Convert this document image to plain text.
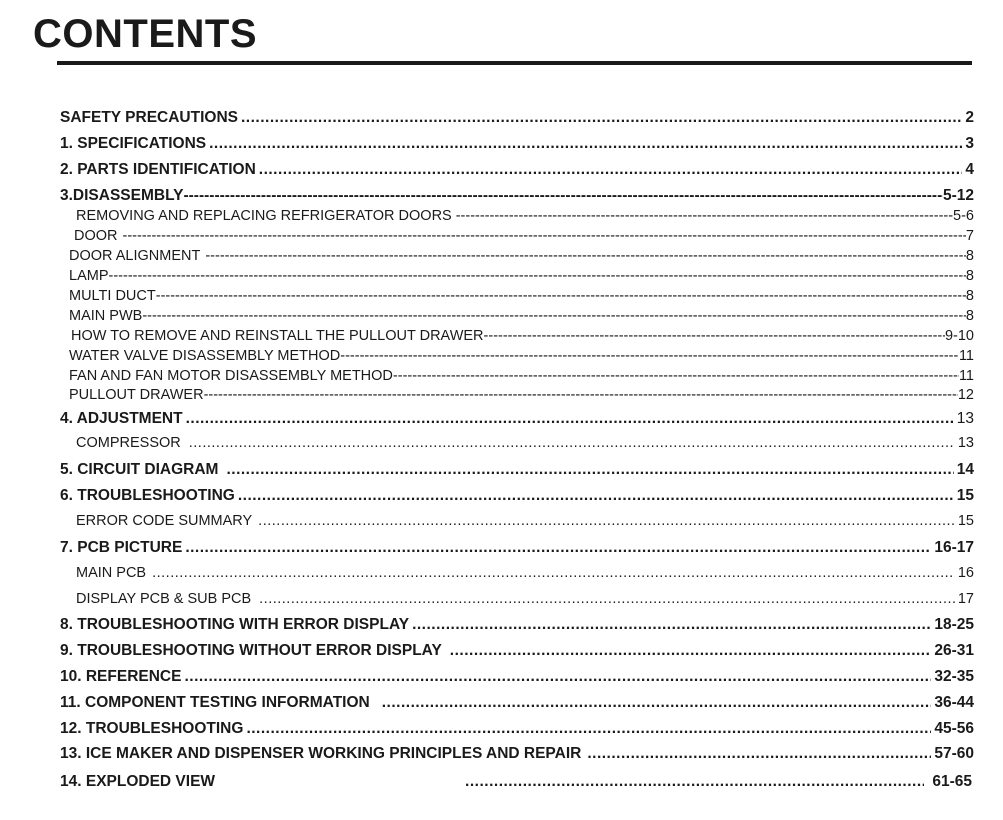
CONTENTS
SAFETY PRECAUTIONS .....	2
1. SPECIFICATIONS .....	3
2. PARTS IDENTIFICATION .....	4
3.DISASSEMBLY -----	5-12
REMOVING AND REPLACING REFRIGERATOR DOORS -----	5-6
DOOR -----	7
DOOR ALIGNMENT -----	8
LAMP -----	8
MULTI DUCT -----	8
MAIN PWB -----	8
HOW TO REMOVE AND REINSTALL THE PULLOUT DRAWER -----	9-10
WATER VALVE DISASSEMBLY METHOD -----	11
FAN AND FAN MOTOR DISASSEMBLY METHOD -----	11
PULLOUT DRAWER -----	12
4. ADJUSTMENT .....	13
COMPRESSOR .....	13
5. CIRCUIT DIAGRAM .....	14
6. TROUBLESHOOTING .....	15
ERROR CODE SUMMARY .....	15
7. PCB PICTURE .....	16-17
MAIN PCB .....	16
DISPLAY PCB & SUB PCB .....	17
8. TROUBLESHOOTING WITH ERROR DISPLAY .....	18-25
9. TROUBLESHOOTING WITHOUT ERROR DISPLAY .....	26-31
10. REFERENCE .....	32-35
11. COMPONENT TESTING INFORMATION .....	36-44
12. TROUBLESHOOTING .....	45-56
13. ICE MAKER AND DISPENSER WORKING PRINCIPLES AND REPAIR .....	57-60
14. EXPLODED VIEW .....	61-65
